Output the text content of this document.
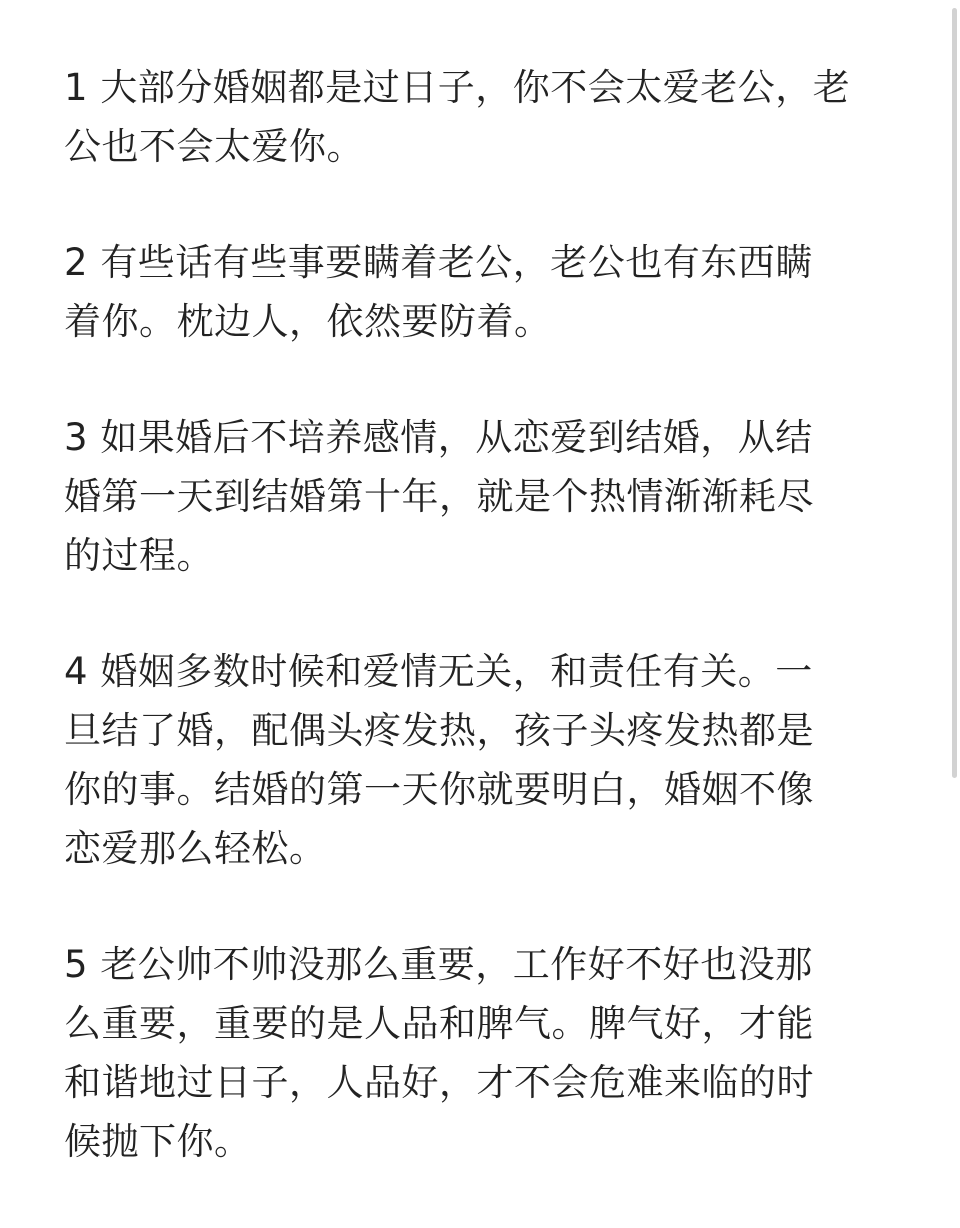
1 大部分婚姻都是过日子，你不会太爱老公，老
公也不会太爱你。

2 有些话有些事要瞒着老公，老公也有东西瞒
着你。枕边人，依然要防着。

3 如果婚后不培养感情，从恋爱到结婚，从结
婚第一天到结婚第十年，就是个热情渐渐耗尽
的过程。

4 婚姻多数时候和爱情无关，和责任有关。一
旦结了婚，配偶头疼发热，孩子头疼发热都是
你的事。结婚的第一天你就要明白，婚姻不像
恋爱那么轻松。

5 老公帅不帅没那么重要，工作好不好也没那
么重要，重要的是人品和脾气。脾气好，才能
和谐地过日子，人品好，才不会危难来临的时
候抛下你。
